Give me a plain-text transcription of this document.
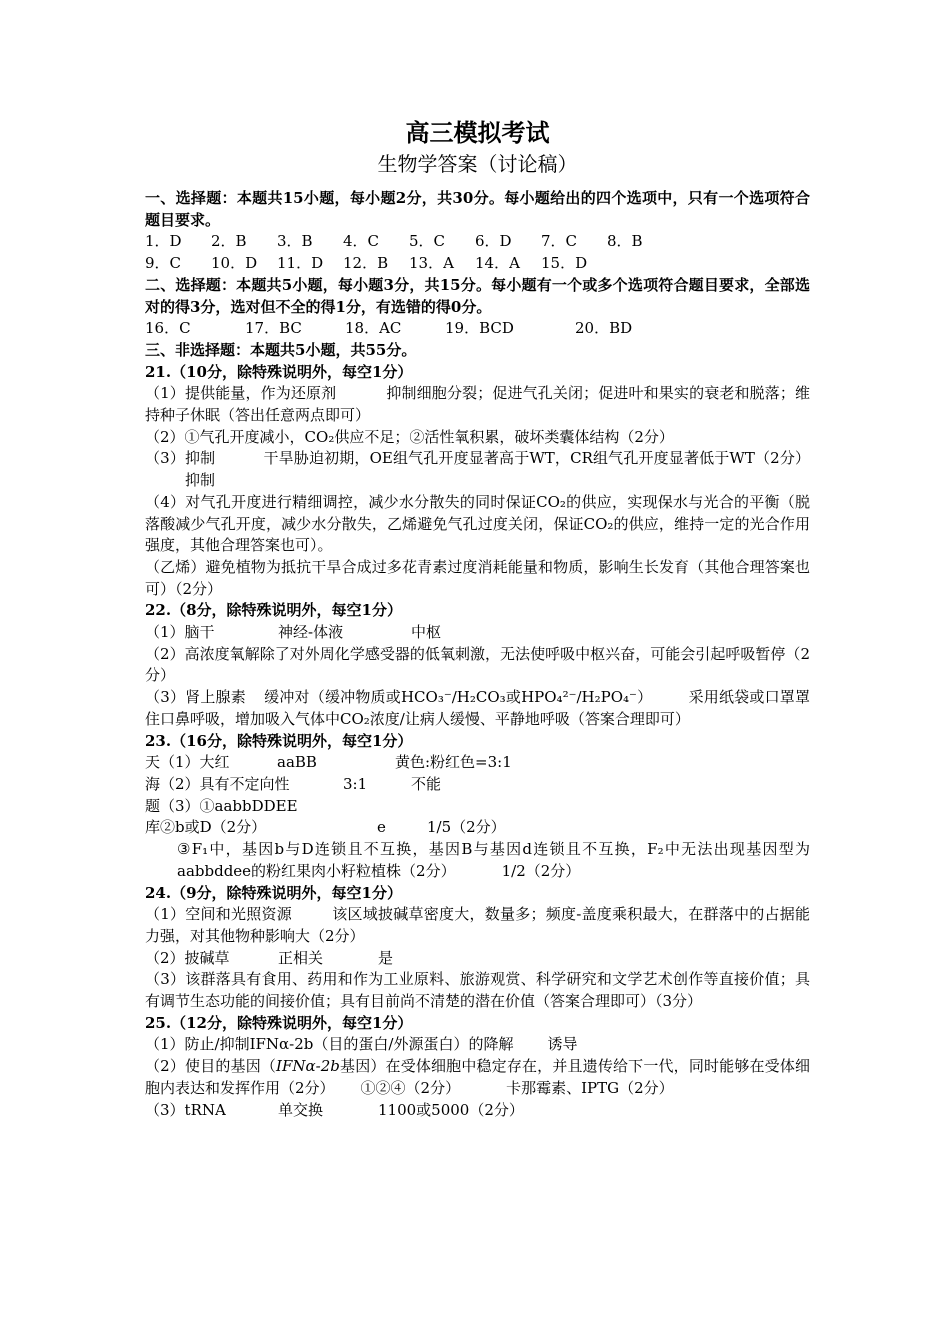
高三模拟考试
生物学答案（讨论稿）
一、选择题：本题共15小题，每小题2分，共30分。每小题给出的四个选项中，只有一个选项符合题目要求。
1．D 2．B 3．B 4．C 5．C 6．D 7．C 8．B
9．C 10．D 11．D 12．B 13．A 14．A 15．D
二、选择题：本题共5小题，每小题3分，共15分。每小题有一个或多个选项符合题目要求，全部选对的得3分，选对但不全的得1分，有选错的得0分。
16．C	17．BC	18．AC	19．BCD	20．BD
三、非选择题：本题共5小题，共55分。
21.（10分，除特殊说明外，每空1分）
（1）提供能量，作为还原剂	抑制细胞分裂；促进气孔关闭；促进叶和果实的衰老和脱落；维持种子休眠（答出任意两点即可）
（2）①气孔开度减小，CO₂供应不足；②活性氧积累，破坏类囊体结构（2分）
（3）抑制	干旱胁迫初期，OE组气孔开度显著高于WT，CR组气孔开度显著低于WT（2分）抑制
（4）对气孔开度进行精细调控，减少水分散失的同时保证CO₂的供应，实现保水与光合的平衡（脱落酸减少气孔开度，减少水分散失，乙烯避免气孔过度关闭，保证CO₂的供应，维持一定的光合作用强度，其他合理答案也可）。
（乙烯）避免植物为抵抗干旱合成过多花青素过度消耗能量和物质，影响生长发育（其他合理答案也可）（2分）
22.（8分，除特殊说明外，每空1分）
（1）脑干	神经-体液	中枢
（2）高浓度氧解除了对外周化学感受器的低氧刺激，无法使呼吸中枢兴奋，可能会引起呼吸暂停（2分）
（3）肾上腺素 缓冲对（缓冲物质或HCO₃⁻/H₂CO₃或HPO₄²⁻/H₂PO₄⁻） 采用纸袋或口罩罩住口鼻呼吸，增加吸入气体中CO₂浓度/让病人缓慢、平静地呼吸（答案合理即可）
23.（16分，除特殊说明外，每空1分）
天（1）大红	aaBB	黄色:粉红色=3:1
海（2）具有不定向性	3:1	不能
题（3）①aabbDDEE
库②b或D（2分）	e	1/5（2分）
③F₁中，基因b与D连锁且不互换，基因B与基因d连锁且不互换，F₂中无法出现基因型为aabbddee的粉红果肉小籽粒植株（2分）	1/2（2分）
24.（9分，除特殊说明外，每空1分）
（1）空间和光照资源	该区域披碱草密度大，数量多；频度-盖度乘积最大，在群落中的占据能力强，对其他物种影响大（2分）
（2）披碱草	正相关	是
（3）该群落具有食用、药用和作为工业原料、旅游观赏、科学研究和文学艺术创作等直接价值；具有调节生态功能的间接价值；具有目前尚不清楚的潜在价值（答案合理即可）（3分）
25.（12分，除特殊说明外，每空1分）
（1）防止/抑制IFNα-2b（目的蛋白/外源蛋白）的降解 诱导
（2）使目的基因（IFNα-2b基因）在受体细胞中稳定存在，并且遗传给下一代，同时能够在受体细胞内表达和发挥作用（2分） ①②④（2分）	卡那霉素、IPTG（2分）
（3）tRNA	单交换	1100或5000（2分）
